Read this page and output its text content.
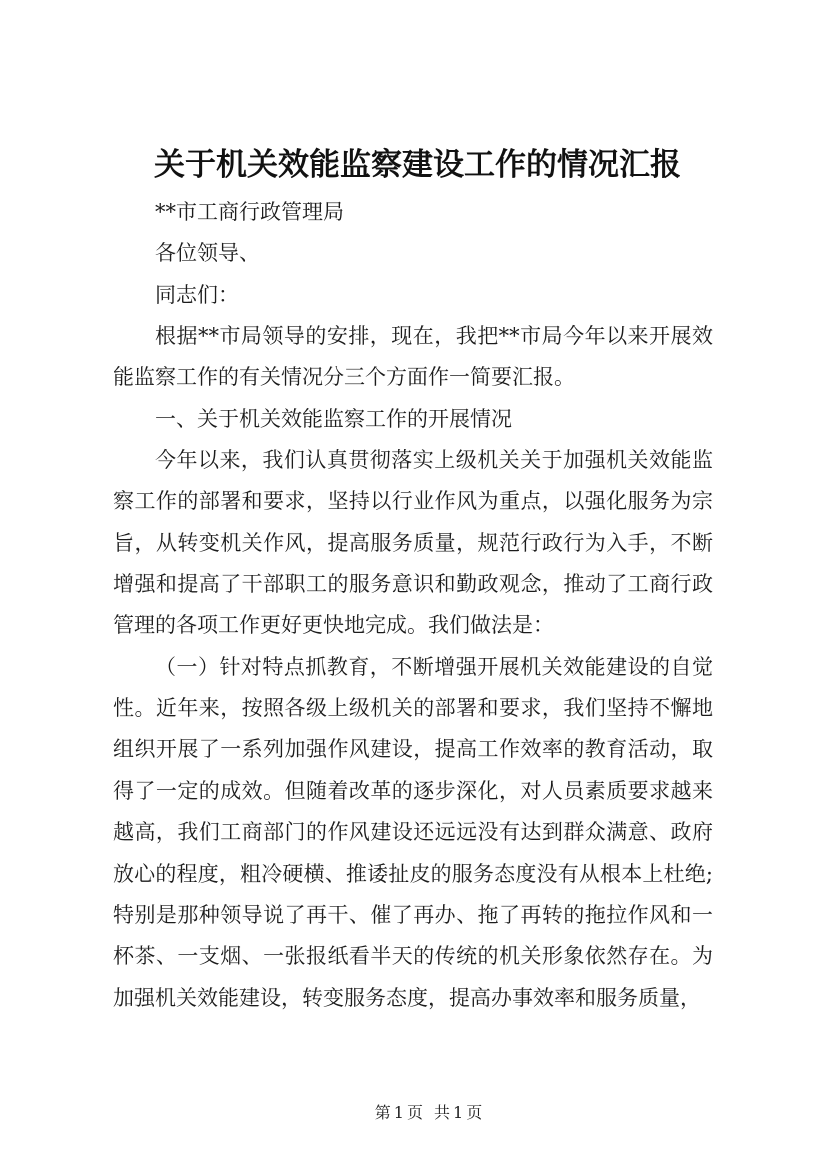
关于机关效能监察建设工作的情况汇报

**市工商行政管理局

各位领导、

同志们：

根据**市局领导的安排，现在，我把**市局今年以来开展效能监察工作的有关情况分三个方面作一简要汇报。

一、关于机关效能监察工作的开展情况

今年以来，我们认真贯彻落实上级机关关于加强机关效能监察工作的部署和要求，坚持以行业作风为重点，以强化服务为宗旨，从转变机关作风，提高服务质量，规范行政行为入手，不断增强和提高了干部职工的服务意识和勤政观念，推动了工商行政管理的各项工作更好更快地完成。我们做法是：

（一）针对特点抓教育，不断增强开展机关效能建设的自觉性。近年来，按照各级上级机关的部署和要求，我们坚持不懈地组织开展了一系列加强作风建设，提高工作效率的教育活动，取得了一定的成效。但随着改革的逐步深化，对人员素质要求越来越高，我们工商部门的作风建设还远远没有达到群众满意、政府放心的程度，粗冷硬横、推诿扯皮的服务态度没有从根本上杜绝;特别是那种领导说了再干、催了再办、拖了再转的拖拉作风和一杯茶、一支烟、一张报纸看半天的传统的机关形象依然存在。为加强机关效能建设，转变服务态度，提高办事效率和服务质量，

第1页 共1页
